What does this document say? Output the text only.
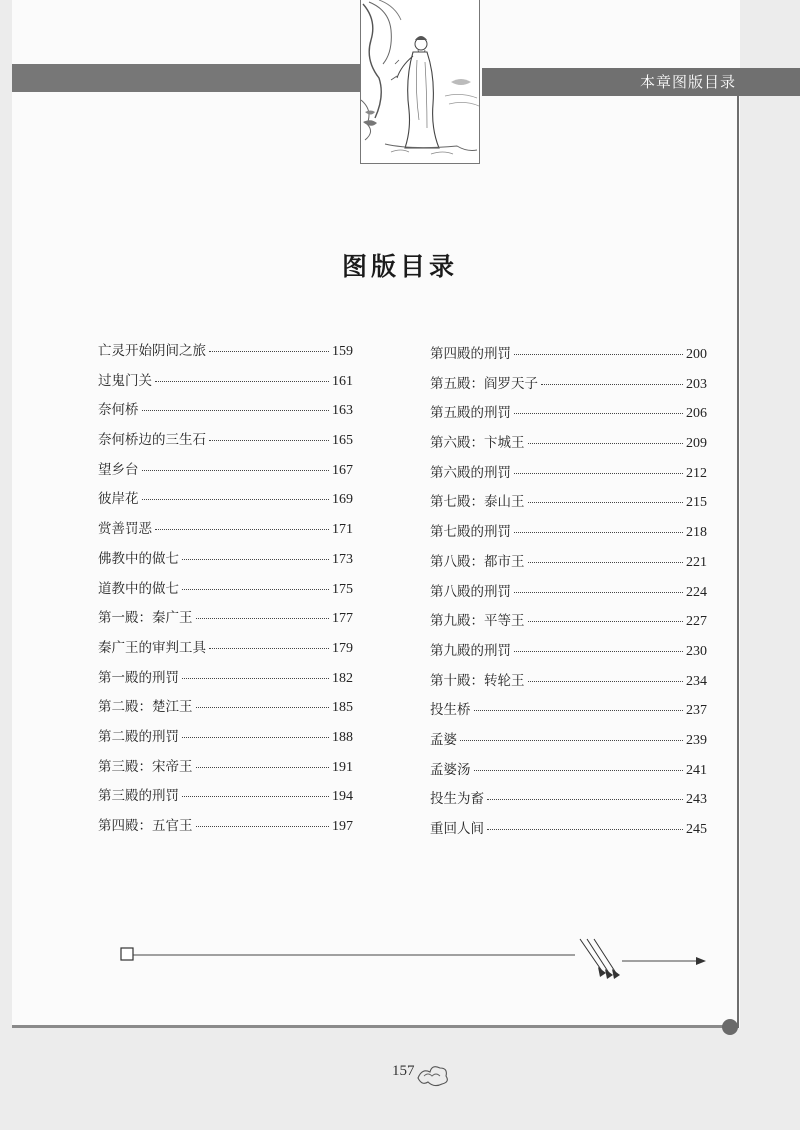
本章图版目录
图版目录
亡灵开始阴间之旅	159
过鬼门关	161
奈何桥	163
奈何桥边的三生石	165
望乡台	167
彼岸花	169
赏善罚恶	171
佛教中的做七	173
道教中的做七	175
第一殿：秦广王	177
秦广王的审判工具	179
第一殿的刑罚	182
第二殿：楚江王	185
第二殿的刑罚	188
第三殿：宋帝王	191
第三殿的刑罚	194
第四殿：五官王	197
第四殿的刑罚	200
第五殿：阎罗天子	203
第五殿的刑罚	206
第六殿：卞城王	209
第六殿的刑罚	212
第七殿：泰山王	215
第七殿的刑罚	218
第八殿：都市王	221
第八殿的刑罚	224
第九殿：平等王	227
第九殿的刑罚	230
第十殿：转轮王	234
投生桥	237
孟婆	239
孟婆汤	241
投生为畜	243
重回人间	245
157
